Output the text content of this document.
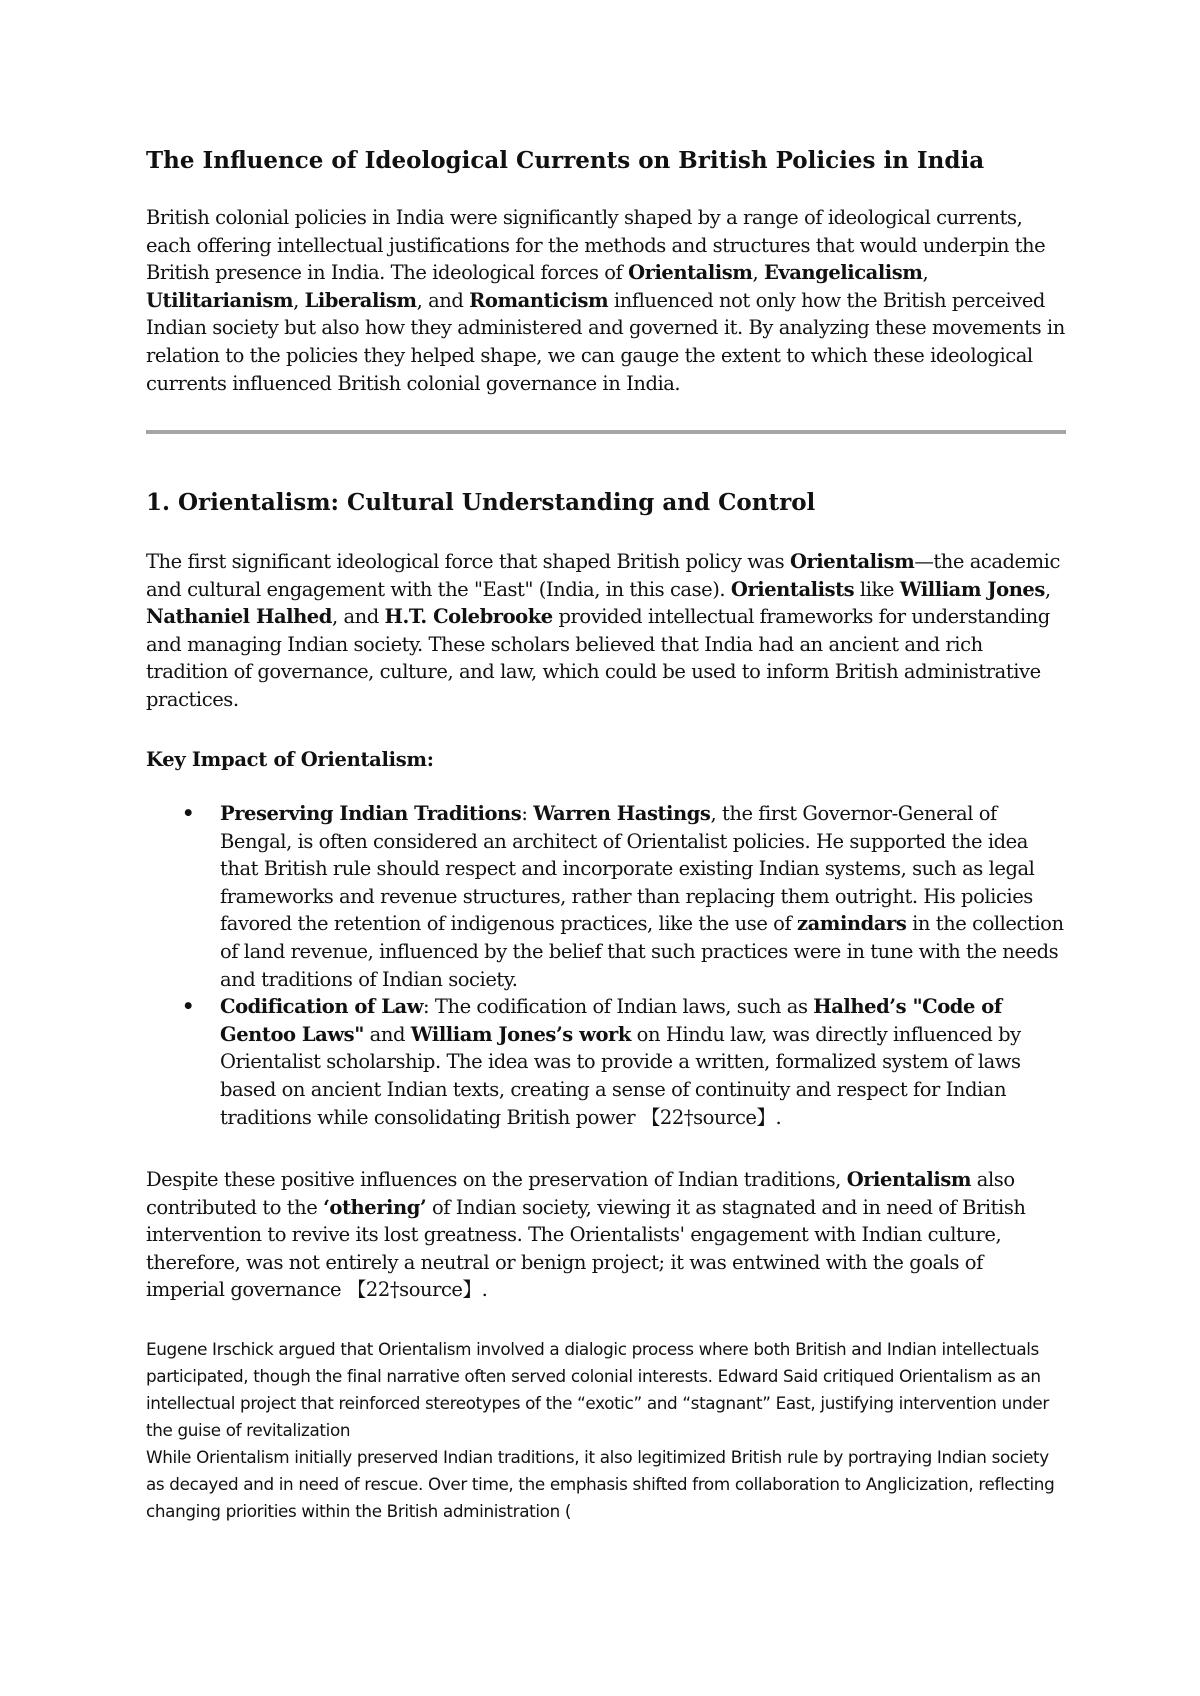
The Influence of Ideological Currents on British Policies in India

British colonial policies in India were significantly shaped by a range of ideological currents, each offering intellectual justifications for the methods and structures that would underpin the British presence in India. The ideological forces of Orientalism, Evangelicalism, Utilitarianism, Liberalism, and Romanticism influenced not only how the British perceived Indian society but also how they administered and governed it. By analyzing these movements in relation to the policies they helped shape, we can gauge the extent to which these ideological currents influenced British colonial governance in India.

1. Orientalism: Cultural Understanding and Control

The first significant ideological force that shaped British policy was Orientalism—the academic and cultural engagement with the "East" (India, in this case). Orientalists like William Jones, Nathaniel Halhed, and H.T. Colebrooke provided intellectual frameworks for understanding and managing Indian society. These scholars believed that India had an ancient and rich tradition of governance, culture, and law, which could be used to inform British administrative practices.

Key Impact of Orientalism:
• Preserving Indian Traditions: Warren Hastings, the first Governor-General of Bengal, is often considered an architect of Orientalist policies. He supported the idea that British rule should respect and incorporate existing Indian systems, such as legal frameworks and revenue structures, rather than replacing them outright. His policies favored the retention of indigenous practices, like the use of zamindars in the collection of land revenue, influenced by the belief that such practices were in tune with the needs and traditions of Indian society.
• Codification of Law: The codification of Indian laws, such as Halhed’s "Code of Gentoo Laws" and William Jones’s work on Hindu law, was directly influenced by Orientalist scholarship. The idea was to provide a written, formalized system of laws based on ancient Indian texts, creating a sense of continuity and respect for Indian traditions while consolidating British power 【22†source】.

Despite these positive influences on the preservation of Indian traditions, Orientalism also contributed to the ‘othering’ of Indian society, viewing it as stagnated and in need of British intervention to revive its lost greatness. The Orientalists' engagement with Indian culture, therefore, was not entirely a neutral or benign project; it was entwined with the goals of imperial governance 【22†source】.

Eugene Irschick argued that Orientalism involved a dialogic process where both British and Indian intellectuals participated, though the final narrative often served colonial interests. Edward Said critiqued Orientalism as an intellectual project that reinforced stereotypes of the “exotic” and “stagnant” East, justifying intervention under the guise of revitalization

While Orientalism initially preserved Indian traditions, it also legitimized British rule by portraying Indian society as decayed and in need of rescue. Over time, the emphasis shifted from collaboration to Anglicization, reflecting changing priorities within the British administration (
